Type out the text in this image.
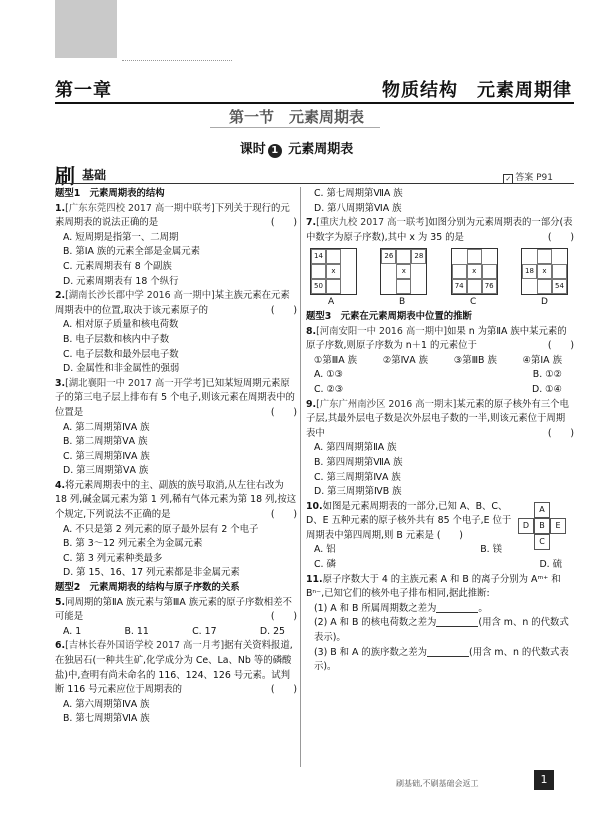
第一章	物质结构　元素周期律
第一节　元素周期表
课时 1 元素周期表
刷 基础	✓ 答案 P91
题型1　元素周期表的结构
1.[广东东莞四校 2017 高一期中联考]下列关于现行的元素周期表的说法正确的是	(　　)
A. 短周期是指第一、二周期
B. 第ⅠA 族的元素全部是金属元素
C. 元素周期表有 8 个副族
D. 元素周期表有 18 个纵行
2.[湖南长沙长郡中学 2016 高一期中]某主族元素在元素周期表中的位置,取决于该元素原子的	(　　)
A. 相对原子质量和核电荷数
B. 电子层数和核内中子数
C. 电子层数和最外层电子数
D. 金属性和非金属性的强弱
3.[湖北襄阳一中 2017 高一开学考]已知某短周期元素原子的第三电子层上排布有 5 个电子,则该元素在周期表中的位置是	(　　)
A. 第二周期第ⅣA 族
B. 第二周期第ⅤA 族
C. 第三周期第ⅣA 族
D. 第三周期第ⅤA 族
4.将元素周期表中的主、副族的族号取消,从左往右改为 18 列,碱金属元素为第 1 列,稀有气体元素为第 18 列,按这个规定,下列说法不正确的是	(　　)
A. 不只是第 2 列元素的原子最外层有 2 个电子
B. 第 3～12 列元素全为金属元素
C. 第 3 列元素种类最多
D. 第 15、16、17 列元素都是非金属元素
题型2　元素周期表的结构与原子序数的关系
5.同周期的第ⅡA 族元素与第ⅢA 族元素的原子序数相差不可能是	(　　)
A. 1	B. 11	C. 17	D. 25
6.[吉林长春外国语学校 2017 高一月考]据有关资料报道,在独居石(一种共生矿,化学成分为 Ce、La、Nb 等的磷酸盐)中,查明有尚未命名的 116、124、126 号元素。试判断 116 号元素应位于周期表的	(　　)
A. 第六周期第ⅣA 族
B. 第七周期第ⅥA 族
C. 第七周期第ⅦA 族
D. 第八周期第ⅥA 族
7.[重庆九校 2017 高一联考]如图分别为元素周期表的一部分(表中数字为原子序数),其中 x 为 35 的是	(　　)
14
x
50
26	28
x	x
74	76
18	x
54
A	B	C	D
题型3　元素在元素周期表中位置的推断
8.[河南安阳一中 2016 高一期中]如果 n 为第ⅡA 族中某元素的原子序数,则原子序数为 n＋1 的元素位于	(　　)
①第ⅢA 族	②第ⅣA 族	③第ⅢB 族	④第ⅠA 族
A. ①③	B. ①②
C. ②③	D. ①④
9.[广东广州南沙区 2016 高一期末]某元素的原子核外有三个电子层,其最外层电子数是次外层电子数的一半,则该元素位于周期表中	(　　)
A. 第四周期第ⅡA 族
B. 第四周期第ⅦA 族
C. 第三周期第ⅣA 族
D. 第三周期第ⅣB 族
A
D	B	E
C
10.如图是元素周期表的一部分,已知 A、B、C、D、E 五种元素的原子核外共有 85 个电子,E 位于周期表中第四周期,则 B 元素是 (　　)
A. 铝	B. 镁
C. 磷	D. 硫
11.原子序数大于 4 的主族元素 A 和 B 的离子分别为 Aᵐ⁺ 和 Bⁿ⁻,已知它们的核外电子排布相同,据此推断:
(1) A 和 B 所属周期数之差为	。
(2) A 和 B 的核电荷数之差为	(用含 m、n 的代数式表示)。
(3) B 和 A 的族序数之差为	(用含 m、n 的代数式表示)。
刷基础,不刷基础会返工	1
